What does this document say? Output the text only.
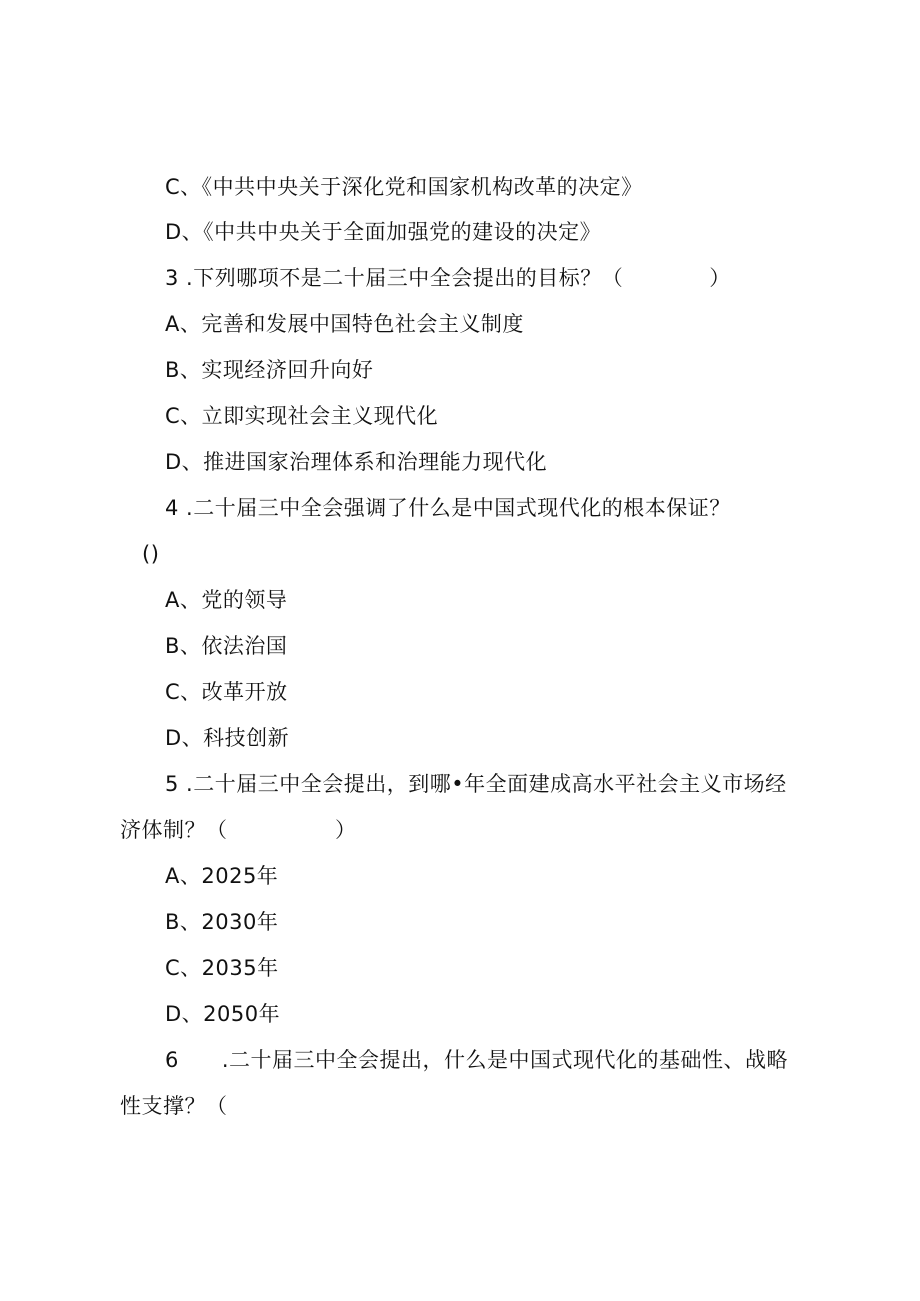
C、《中共中央关于深化党和国家机构改革的决定》
D、《中共中央关于全面加强党的建设的决定》
3 .下列哪项不是二十届三中全会提出的目标？（　　　　）
A、完善和发展中国特色社会主义制度
B、实现经济回升向好
C、立即实现社会主义现代化
D、推进国家治理体系和治理能力现代化
4 .二十届三中全会强调了什么是中国式现代化的根本保证？
()
A、党的领导
B、依法治国
C、改革开放
D、科技创新
5 .二十届三中全会提出，到哪•年全面建成高水平社会主义市场经
济体制？（　　　　　）
A、2025年
B、2030年
C、2035年
D、2050年
6　　.二十届三中全会提出，什么是中国式现代化的基础性、战略
性支撑？（
